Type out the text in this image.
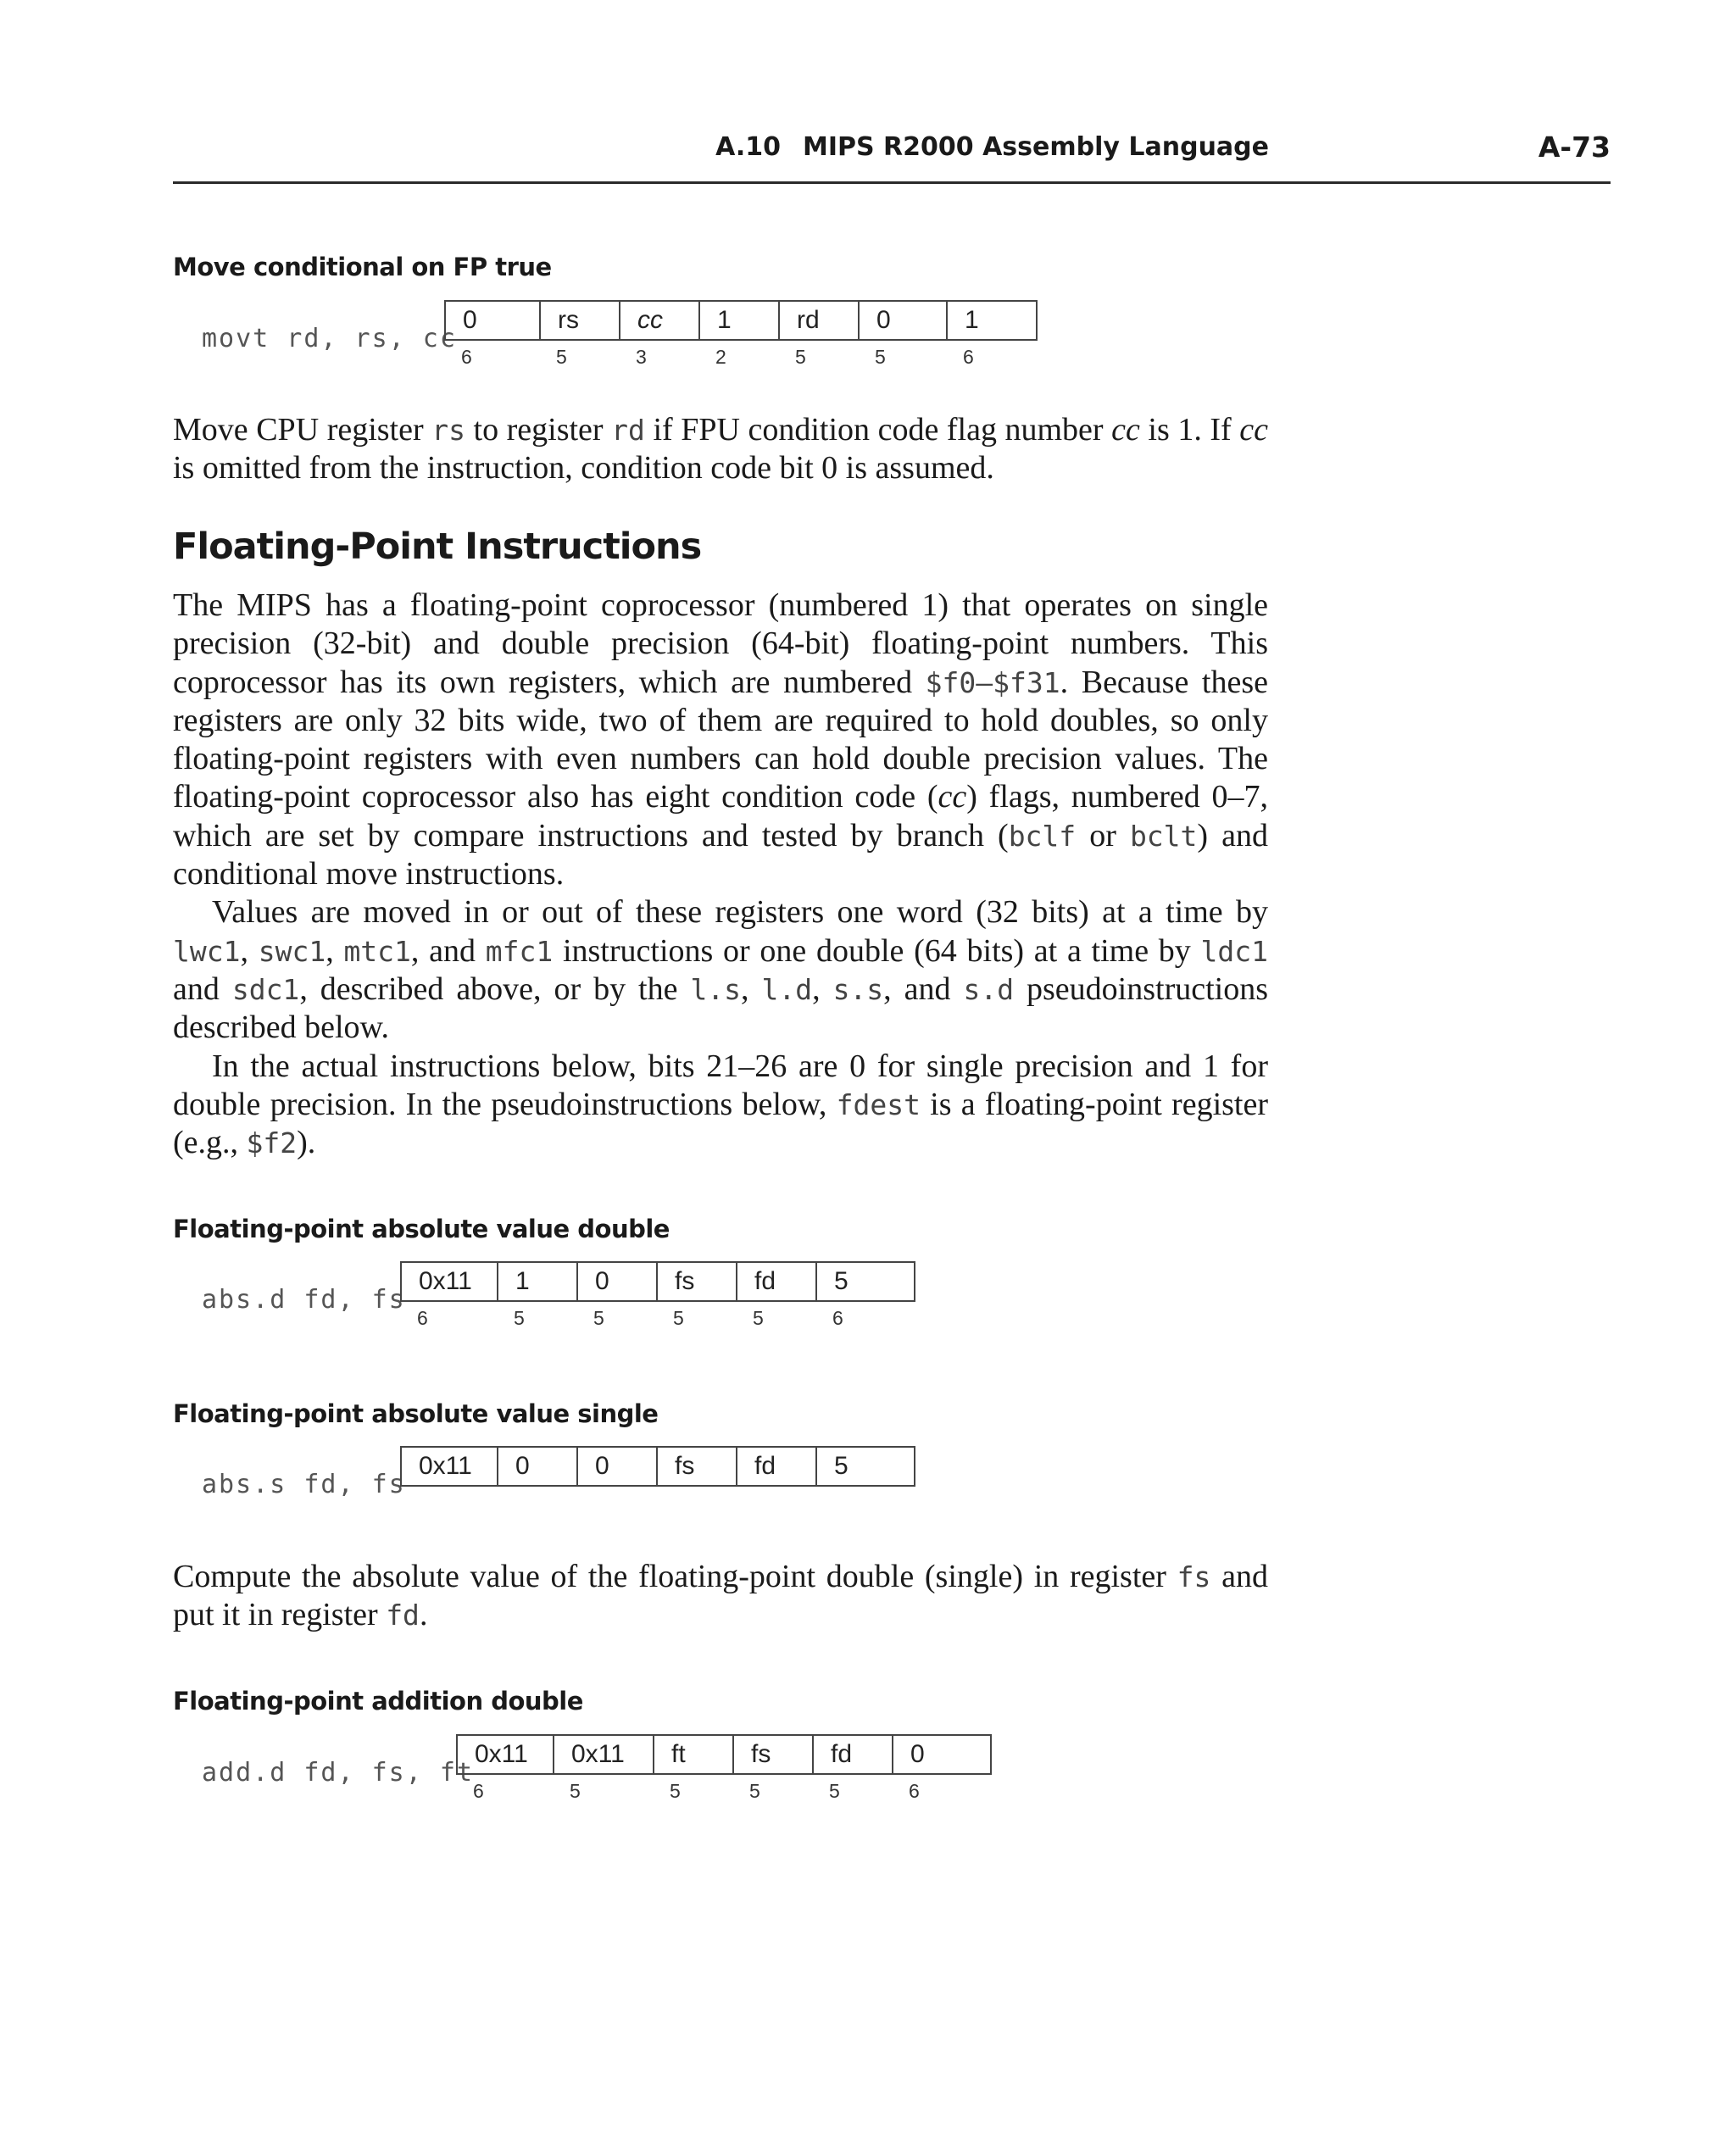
A.10 MIPS R2000 Assembly Language	A-73
Move conditional on FP true
movt rd, rs, cc
0	rs	cc	1	rd	0	1
6	5	3	2	5	5	6
Move CPU register rs to register rd if FPU condition code flag number cc is 1. If cc is omitted from the instruction, condition code bit 0 is assumed.
Floating-Point Instructions
The MIPS has a floating-point coprocessor (numbered 1) that operates on single precision (32-bit) and double precision (64-bit) floating-point numbers. This coprocessor has its own registers, which are numbered $f0–$f31. Because these registers are only 32 bits wide, two of them are required to hold doubles, so only floating-point registers with even numbers can hold double precision values. The floating-point coprocessor also has eight condition code (cc) flags, numbered 0–7, which are set by compare instructions and tested by branch (bclf or bclt) and conditional move instructions.
Values are moved in or out of these registers one word (32 bits) at a time by lwc1, swc1, mtc1, and mfc1 instructions or one double (64 bits) at a time by ldc1 and sdc1, described above, or by the l.s, l.d, s.s, and s.d pseudoinstructions described below.
In the actual instructions below, bits 21–26 are 0 for single precision and 1 for double precision. In the pseudoinstructions below, fdest is a floating-point register (e.g., $f2).
Floating-point absolute value double
abs.d fd, fs
0x11	1	0	fs	fd	5
6	5	5	5	5	6
Floating-point absolute value single
abs.s fd, fs
0x11	0	0	fs	fd	5
Compute the absolute value of the floating-point double (single) in register fs and put it in register fd.
Floating-point addition double
add.d fd, fs, ft
0x11	0x11	ft	fs	fd	0
6	5	5	5	5	6
